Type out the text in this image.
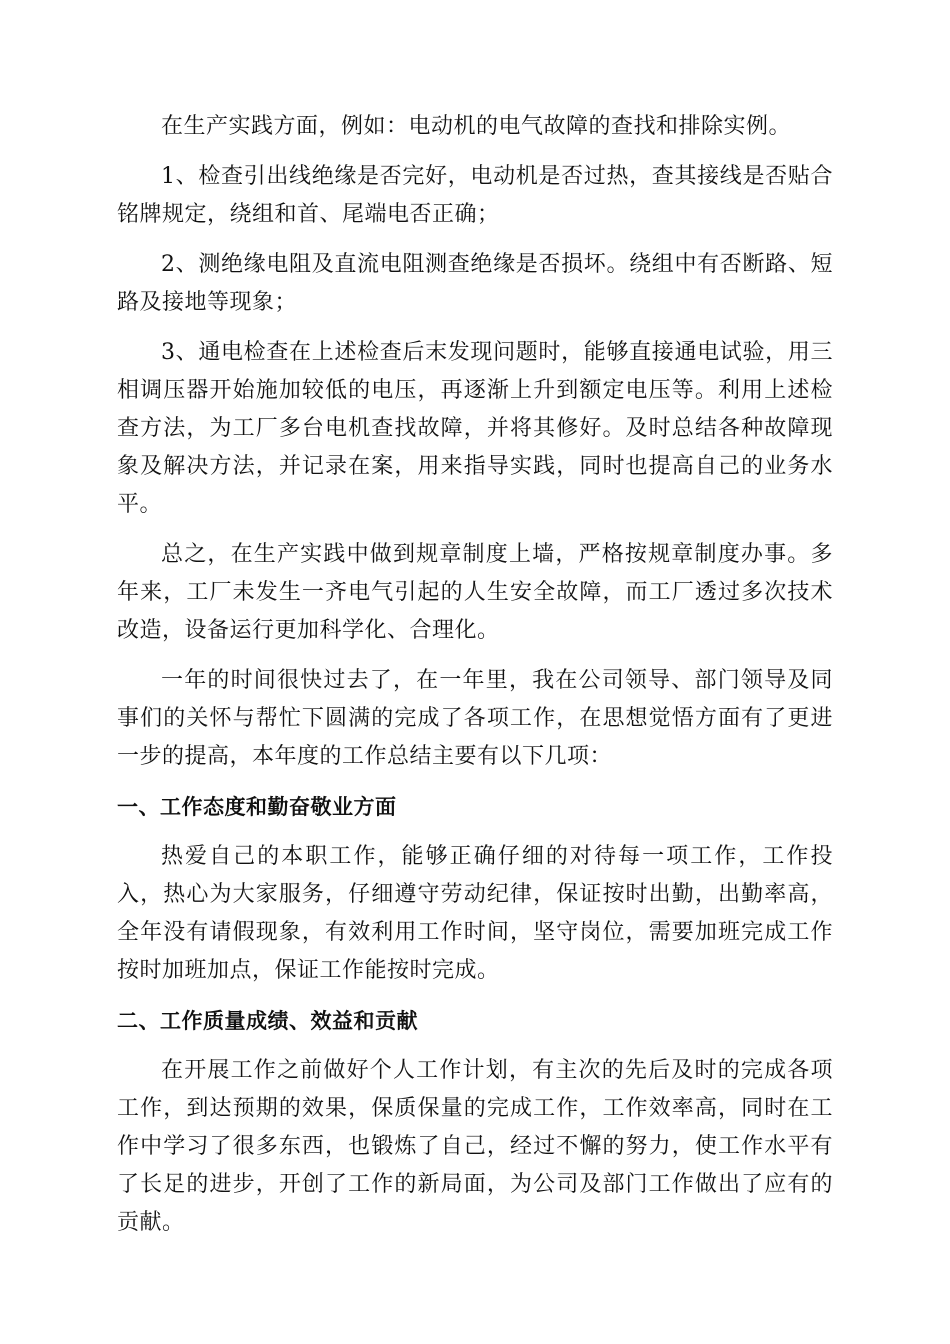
在生产实践方面，例如：电动机的电气故障的查找和排除实例。

1、检查引出线绝缘是否完好，电动机是否过热，查其接线是否贴合铭牌规定，绕组和首、尾端电否正确；

2、测绝缘电阻及直流电阻测查绝缘是否损坏。绕组中有否断路、短路及接地等现象；

3、通电检查在上述检查后末发现问题时，能够直接通电试验，用三相调压器开始施加较低的电压，再逐渐上升到额定电压等。利用上述检查方法，为工厂多台电机查找故障，并将其修好。及时总结各种故障现象及解决方法，并记录在案，用来指导实践，同时也提高自己的业务水平。

总之，在生产实践中做到规章制度上墙，严格按规章制度办事。多年来，工厂未发生一齐电气引起的人生安全故障，而工厂透过多次技术改造，设备运行更加科学化、合理化。

一年的时间很快过去了，在一年里，我在公司领导、部门领导及同事们的关怀与帮忙下圆满的完成了各项工作，在思想觉悟方面有了更进一步的提高，本年度的工作总结主要有以下几项：

一、工作态度和勤奋敬业方面

热爱自己的本职工作，能够正确仔细的对待每一项工作，工作投入，热心为大家服务，仔细遵守劳动纪律，保证按时出勤，出勤率高，全年没有请假现象，有效利用工作时间，坚守岗位，需要加班完成工作按时加班加点，保证工作能按时完成。

二、工作质量成绩、效益和贡献

在开展工作之前做好个人工作计划，有主次的先后及时的完成各项工作，到达预期的效果，保质保量的完成工作，工作效率高，同时在工作中学习了很多东西，也锻炼了自己，经过不懈的努力，使工作水平有了长足的进步，开创了工作的新局面，为公司及部门工作做出了应有的贡献。
